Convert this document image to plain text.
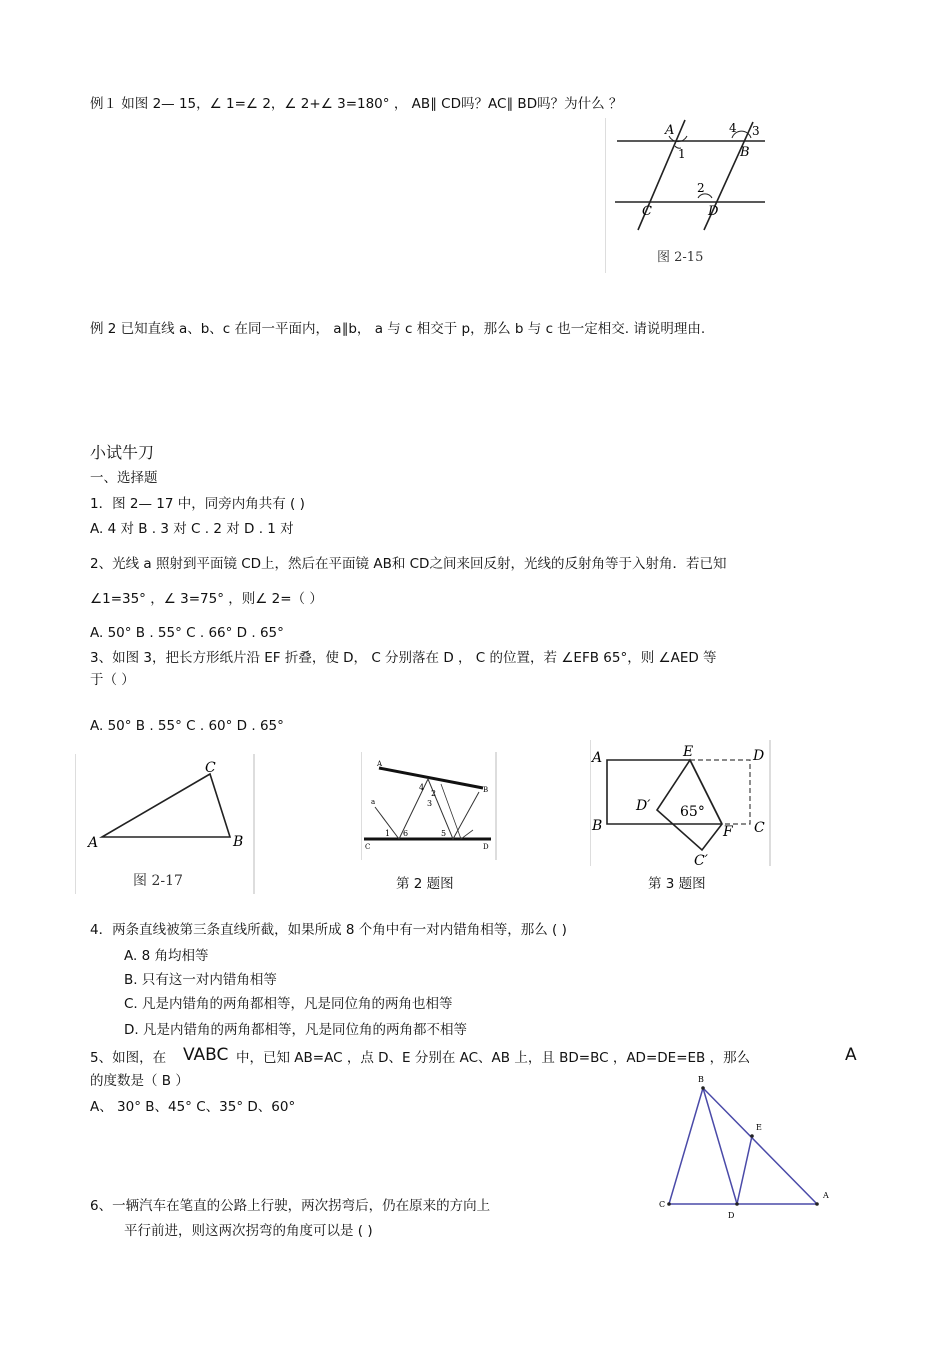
例１ 如图 2— 15，∠ 1=∠ 2，∠ 2+∠ 3=180° ， AB∥ CD吗？AC∥ BD吗？为什么 ？
A
1
4 3
B
2
C	D
图 2-15
例 2 已知直线 a、b、c 在同一平面内， a∥b， a 与 c 相交于 p，那么 b 与 c 也一定相交. 请说明理由.
小试牛刀
一、选择题
1．图 2— 17 中，同旁内角共有 ( )
A. 4 对 B . 3 对 C . 2 对 D . 1 对
2、光线 a 照射到平面镜 CD上，然后在平面镜 AB和 CD之间来回反射，光线的反射角等于入射角．若已知
∠1=35° ，∠ 3=75° ，则∠ 2=（ ）
A. 50° B . 55° C . 66° D . 65°
3、如图 3，把长方形纸片沿 EF 折叠，使 D， C 分别落在 D ， C 的位置，若 ∠EFB 65°，则 ∠AED 等
于（ ）
A. 50° B . 55° C . 60° D . 65°
A
C
B
图 2-17
A
B
C	D
a
1 6
4
2
3
5
第 2 题图
A
B
E	D
C
F
D′
C′
65°
第 3 题图
4．两条直线被第三条直线所截，如果所成 8 个角中有一对内错角相等，那么 ( )
A. 8 角均相等
B. 只有这一对内错角相等
C. 凡是内错角的两角都相等，凡是同位角的两角也相等
D. 凡是内错角的两角都相等，凡是同位角的两角都不相等
5、如图，在 VABC 中，已知 AB=AC ，点 D、E 分别在 AC、AB 上，且 BD=BC ，AD=DE=EB ，那么	A
的度数是（ B ）
A、 30° B、45° C、35° D、60°
B
E
C
D
A
6、一辆汽车在笔直的公路上行驶，两次拐弯后，仍在原来的方向上
平行前进，则这两次拐弯的角度可以是 ( )
